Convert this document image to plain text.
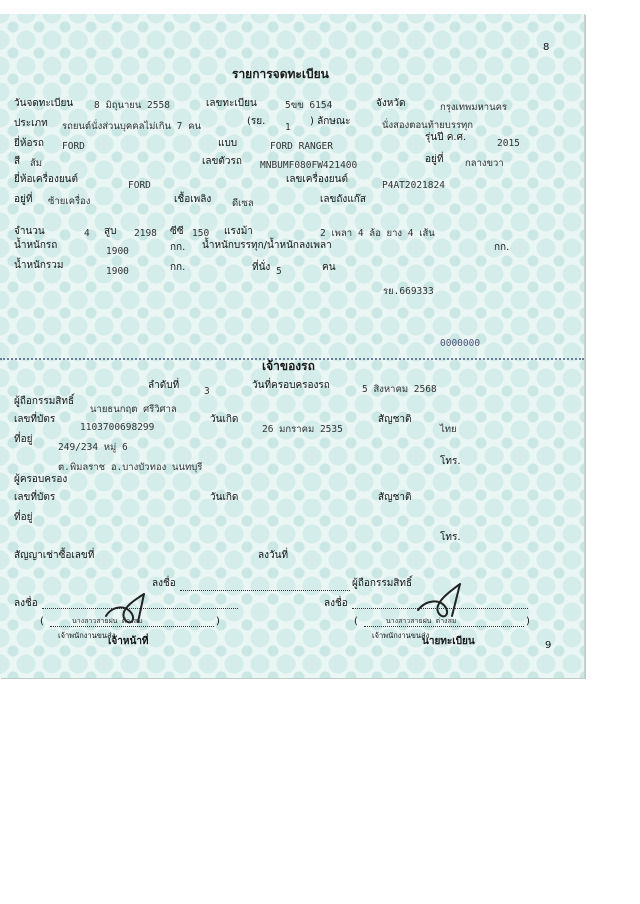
8
9
รายการจดทะเบียน
วันจดทะเบียน 8 มิถุนายน 2558	เลขทะเบียน	5ขข 6154	จังหวัด	กรุงเทพมหานคร
ประเภท รถยนต์นั่งส่วนบุคคลไม่เกิน 7 คน	(รย.
1
) ลักษณะ	นั่งสองตอนท้ายบรรทุก
ยี่ห้อรถ FORD	แบบ	FORD RANGER
รุ่นปี ค.ศ.
2015
สี ส้ม	เลขตัวรถ MNBUMF080FW421400
อยู่ที่ กลางขวา
ยี่ห้อเครื่องยนต์
FORD
เลขเครื่องยนต์
P4AT2021824
อยู่ที่ ซ้ายเครื่อง	เชื้อเพลิง ดีเซล	เลขถังแก๊ส
จำนวน	4 สูบ 2198 ซีซี 150 แรงม้า	2 เพลา 4 ล้อ ยาง 4 เส้น
น้ำหนักรถ
1900	กก. น้ำหนักบรรทุก/น้ำหนักลงเพลา	กก.
น้ำหนักรวม
1900	กก.	ที่นั่ง 5	คน
รย.669333
0000000
เจ้าของรถ
ลำดับที่
3
วันที่ครอบครองรถ	5 สิงหาคม 2568
ผู้ถือกรรมสิทธิ์
นายธนกฤต ศรีวิศาล
เลขที่บัตร
1103700698299
วันเกิด
26 มกราคม 2535
สัญชาติ
ไทย
ที่อยู่
249/234 หมู่ 6
ต.พิมลราช อ.บางบัวทอง นนทบุรี
โทร.
ผู้ครอบครอง
เลขที่บัตร	วันเกิด	สัญชาติ
ที่อยู่
โทร.
สัญญาเช่าซื้อเลขที่	ลงวันที่
ลงชื่อ	ผู้ถือกรรมสิทธิ์
ลงชื่อ
(	)
นางสาวสายฝน ต่างสม
เจ้าพนักงานขนส่ง
เจ้าหน้าที่
ลงชื่อ
(	)
นางสาวสายฝน ต่างสม
เจ้าพนักงานขนส่ง
นายทะเบียน
